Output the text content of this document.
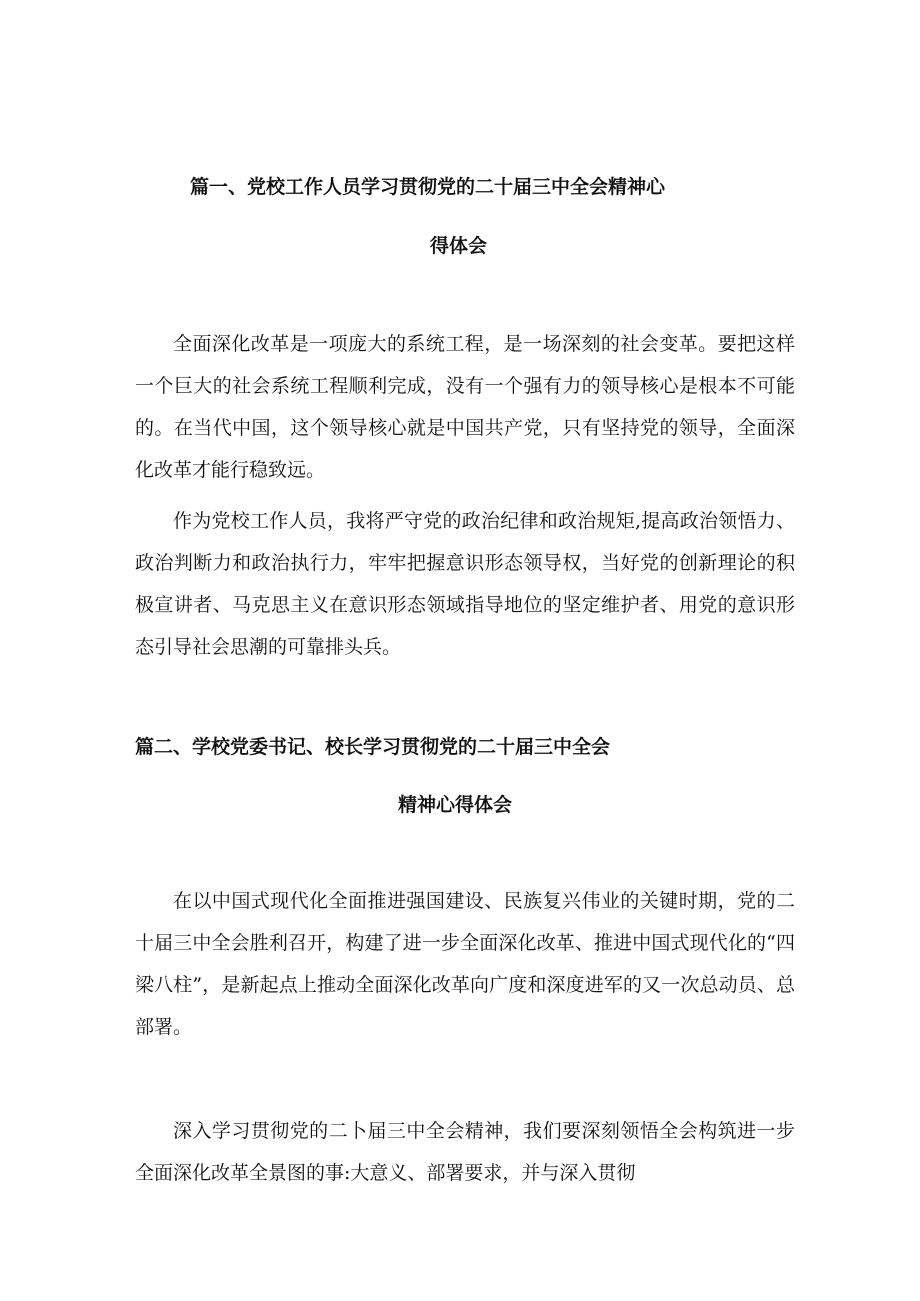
篇一、党校工作人员学习贯彻党的二十届三中全会精神心
得体会

全面深化改革是一项庞大的系统工程，是一场深刻的社会变革。要把这样一个巨大的社会系统工程顺利完成，没有一个强有力的领导核心是根本不可能的。在当代中国，这个领导核心就是中国共产党，只有坚持党的领导，全面深化改革才能行稳致远。

作为党校工作人员，我将严守党的政治纪律和政治规矩,提高政治领悟力、政治判断力和政治执行力，牢牢把握意识形态领导权，当好党的创新理论的积极宣讲者、马克思主义在意识形态领域指导地位的坚定维护者、用党的意识形态引导社会思潮的可靠排头兵。

篇二、学校党委书记、校长学习贯彻党的二十届三中全会
精神心得体会

在以中国式现代化全面推进强国建设、民族复兴伟业的关键时期，党的二十届三中全会胜利召开，构建了进一步全面深化改革、推进中国式现代化的“四梁八柱”，是新起点上推动全面深化改革向广度和深度进军的又一次总动员、总部署。

深入学习贯彻党的二卜届三中全会精神，我们要深刻领悟全会构筑进一步全面深化改革全景图的事:大意义、部署要求，并与深入贯彻
